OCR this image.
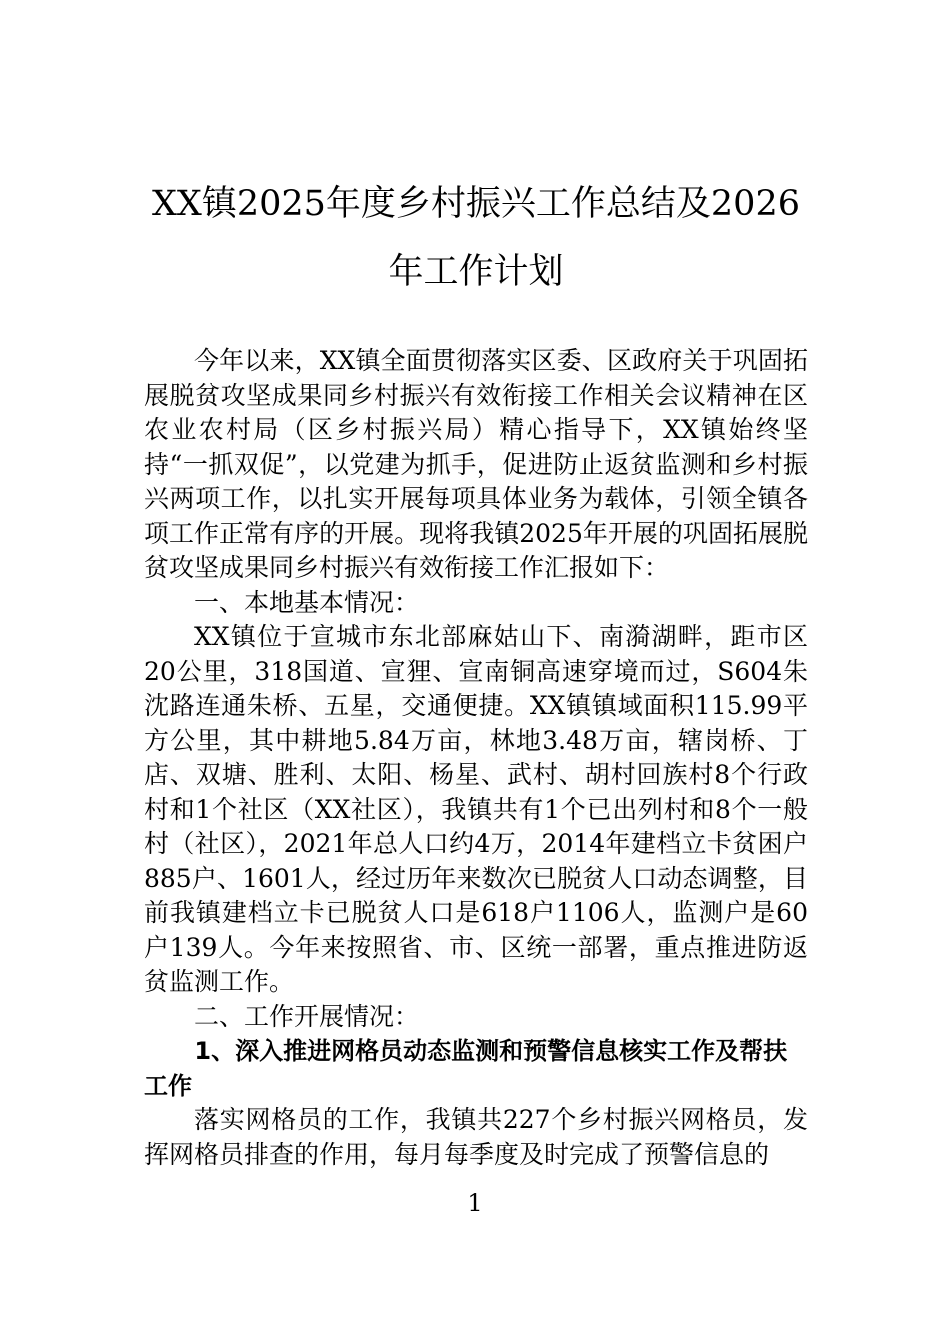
XX镇2025年度乡村振兴工作总结及2026
年工作计划

今年以来，XX镇全面贯彻落实区委、区政府关于巩固拓展脱贫攻坚成果同乡村振兴有效衔接工作相关会议精神在区农业农村局（区乡村振兴局）精心指导下，XX镇始终坚持“一抓双促”，以党建为抓手，促进防止返贫监测和乡村振兴两项工作，以扎实开展每项具体业务为载体，引领全镇各项工作正常有序的开展。现将我镇2025年开展的巩固拓展脱贫攻坚成果同乡村振兴有效衔接工作汇报如下：

一、本地基本情况：

XX镇位于宣城市东北部麻姑山下、南漪湖畔，距市区20公里，318国道、宣狸、宣南铜高速穿境而过，S604朱沈路连通朱桥、五星，交通便捷。XX镇镇域面积115.99平方公里，其中耕地5.84万亩，林地3.48万亩，辖岗桥、丁店、双塘、胜利、太阳、杨星、武村、胡村回族村8个行政村和1个社区（XX社区），我镇共有1个已出列村和8个一般村（社区），2021年总人口约4万，2014年建档立卡贫困户885户、1601人，经过历年来数次已脱贫人口动态调整，目前我镇建档立卡已脱贫人口是618户1106人，监测户是60户139人。今年来按照省、市、区统一部署，重点推进防返贫监测工作。

二、工作开展情况：

1、深入推进网格员动态监测和预警信息核实工作及帮扶工作

落实网格员的工作，我镇共227个乡村振兴网格员，发挥网格员排查的作用，每月每季度及时完成了预警信息的

1
